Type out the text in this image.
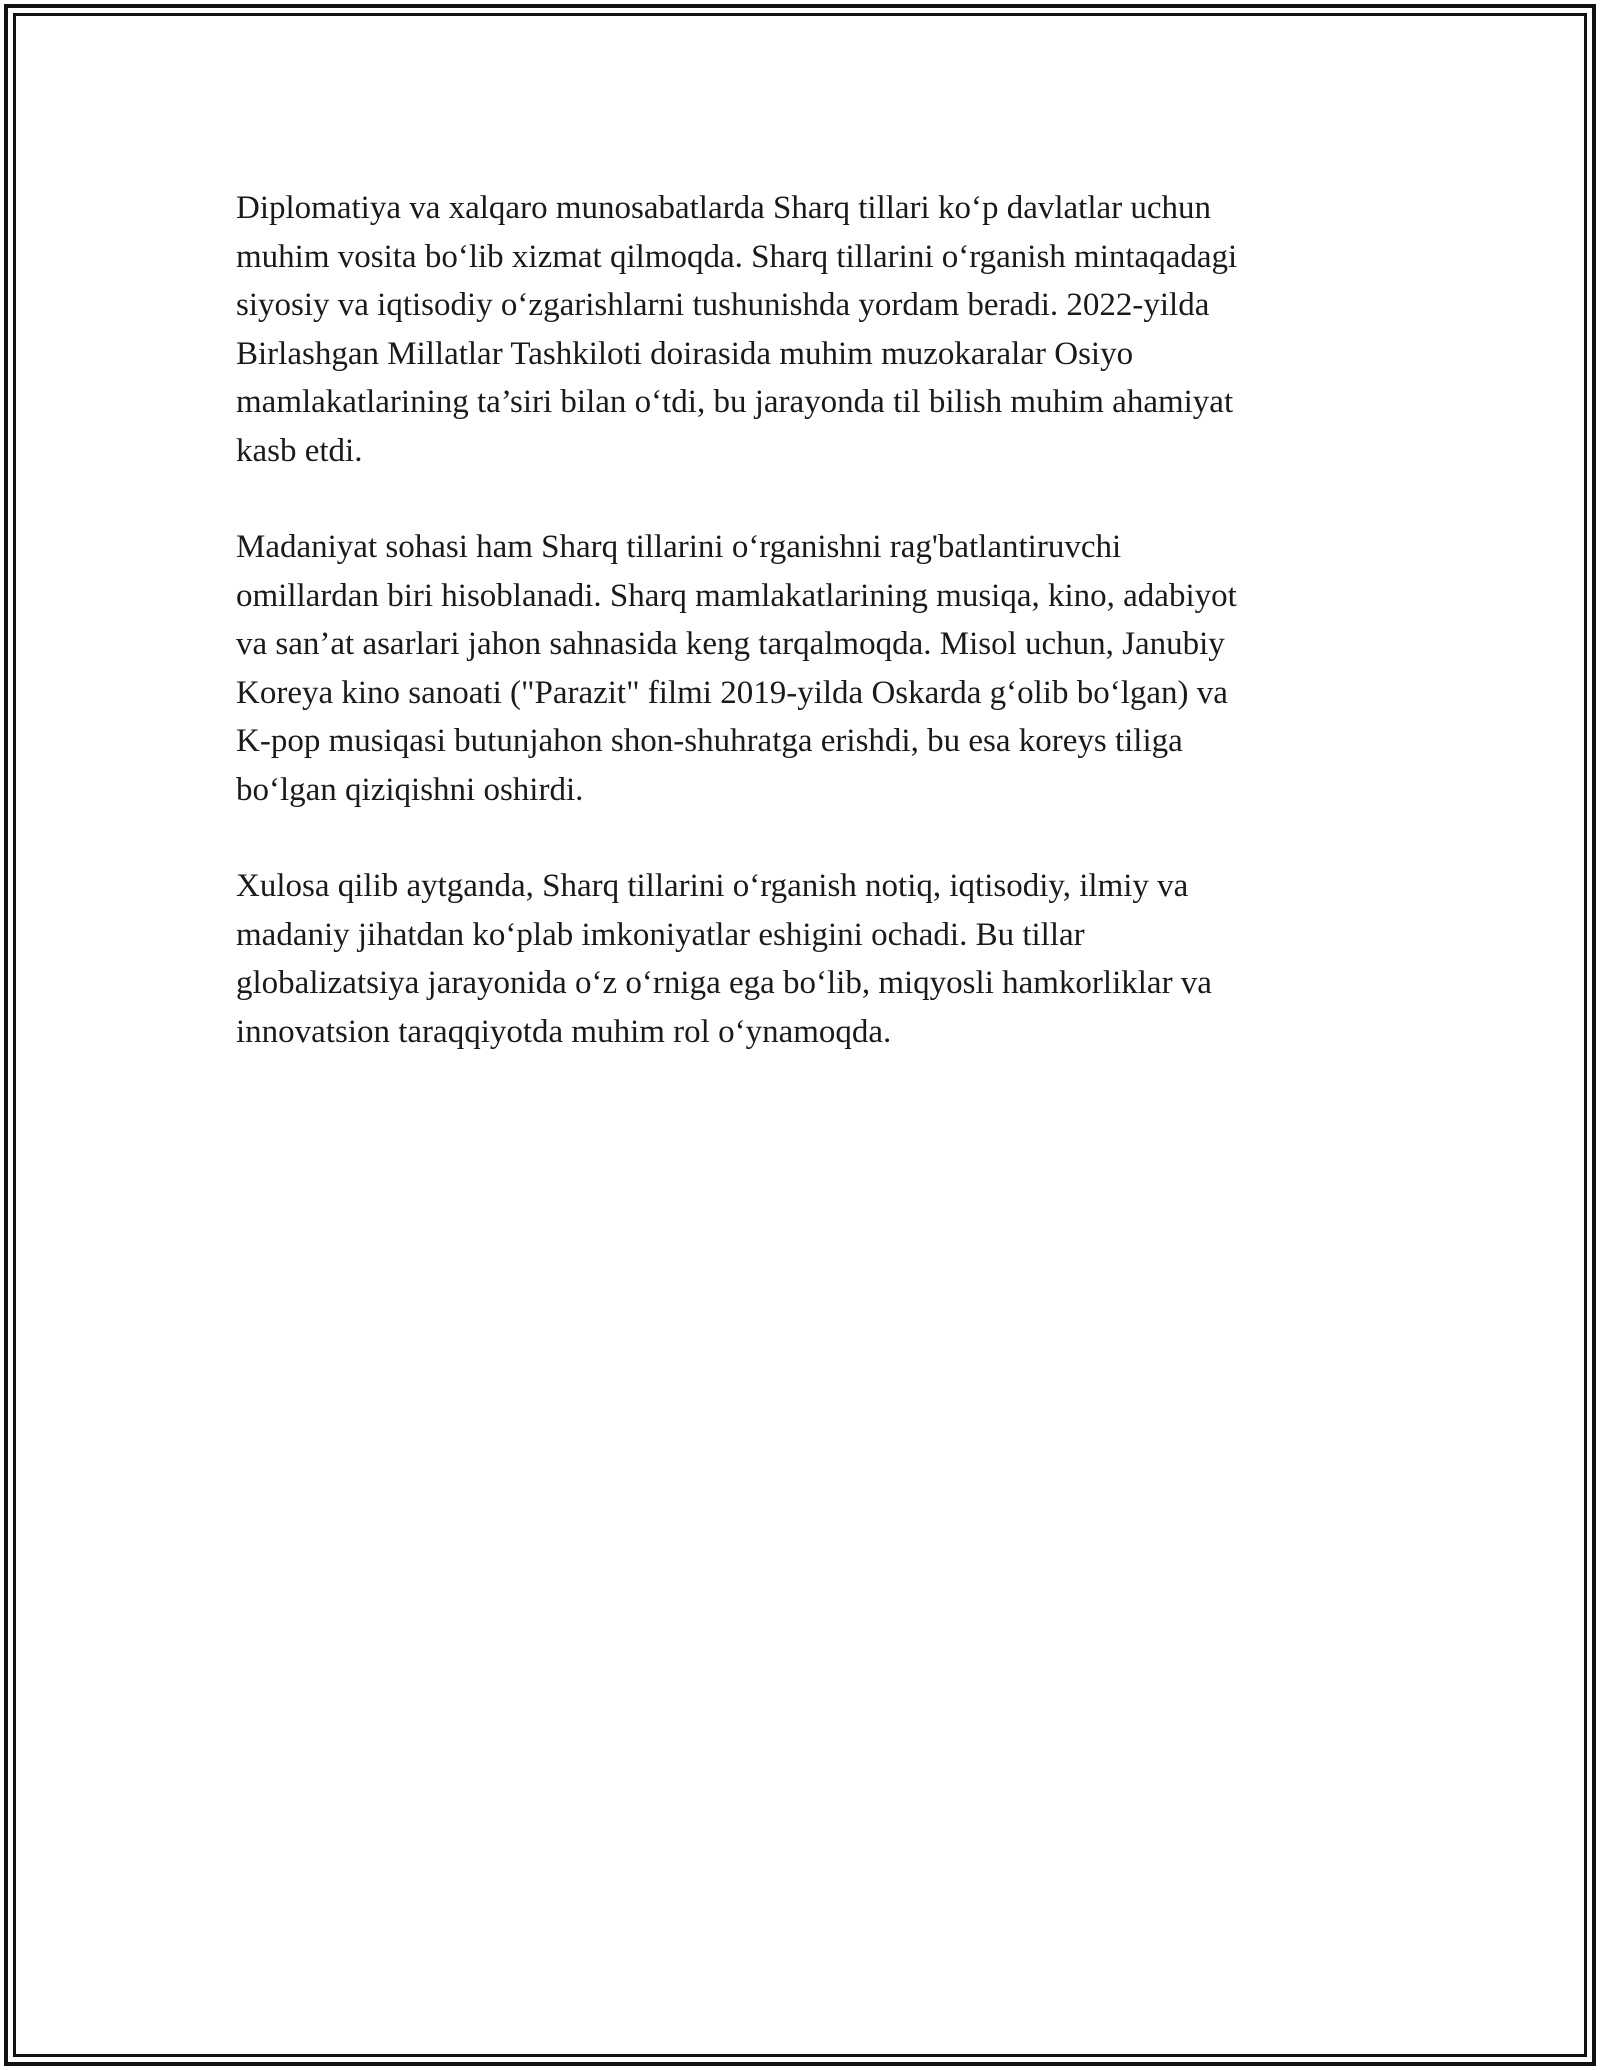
Diplomatiya va xalqaro munosabatlarda Sharq tillari ko‘p davlatlar uchun
muhim vosita bo‘lib xizmat qilmoqda. Sharq tillarini o‘rganish mintaqadagi
siyosiy va iqtisodiy o‘zgarishlarni tushunishda yordam beradi. 2022-yilda
Birlashgan Millatlar Tashkiloti doirasida muhim muzokaralar Osiyo
mamlakatlarining ta’siri bilan o‘tdi, bu jarayonda til bilish muhim ahamiyat
kasb etdi.

Madaniyat sohasi ham Sharq tillarini o‘rganishni rag'batlantiruvchi
omillardan biri hisoblanadi. Sharq mamlakatlarining musiqa, kino, adabiyot
va san’at asarlari jahon sahnasida keng tarqalmoqda. Misol uchun, Janubiy
Koreya kino sanoati ("Parazit" filmi 2019-yilda Oskarda g‘olib bo‘lgan) va
K-pop musiqasi butunjahon shon-shuhratga erishdi, bu esa koreys tiliga
bo‘lgan qiziqishni oshirdi.

Xulosa qilib aytganda, Sharq tillarini o‘rganish notiq, iqtisodiy, ilmiy va
madaniy jihatdan ko‘plab imkoniyatlar eshigini ochadi. Bu tillar
globalizatsiya jarayonida o‘z o‘rniga ega bo‘lib, miqyosli hamkorliklar va
innovatsion taraqqiyotda muhim rol o‘ynamoqda.
